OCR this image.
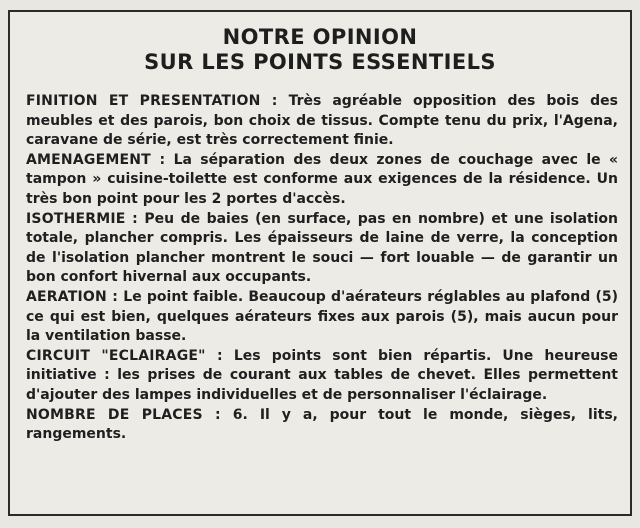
NOTRE OPINION
SUR LES POINTS ESSENTIELS

FINITION ET PRESENTATION : Très agréable opposition des bois des meubles et des parois, bon choix de tissus. Compte tenu du prix, l'Agena, caravane de série, est très correctement finie.

AMENAGEMENT : La séparation des deux zones de couchage avec le « tampon » cuisine-toilette est conforme aux exigences de la résidence. Un très bon point pour les 2 portes d'accès.

ISOTHERMIE : Peu de baies (en surface, pas en nombre) et une isolation totale, plancher compris. Les épaisseurs de laine de verre, la conception de l'isolation plancher montrent le souci — fort louable — de garantir un bon confort hivernal aux occupants.

AERATION : Le point faible. Beaucoup d'aérateurs réglables au plafond (5) ce qui est bien, quelques aérateurs fixes aux parois (5), mais aucun pour la ventilation basse.

CIRCUIT "ECLAIRAGE" : Les points sont bien répartis. Une heureuse initiative : les prises de courant aux tables de chevet. Elles permettent d'ajouter des lampes individuelles et de personnaliser l'éclairage.

NOMBRE DE PLACES : 6. Il y a, pour tout le monde, sièges, lits, rangements.
